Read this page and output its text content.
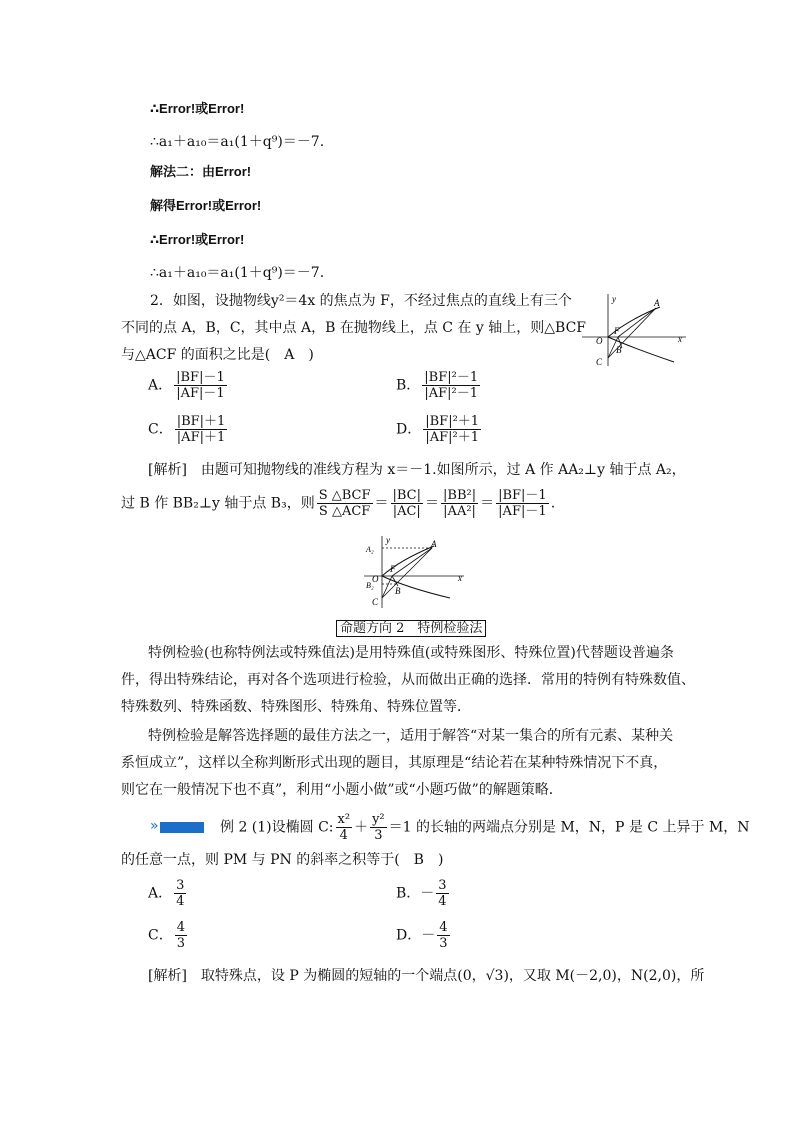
∴Error!或Error!
∴a₁＋a₁₀＝a₁(1＋q⁹)＝－7.
解法二：由Error!
解得Error!或Error!
∴Error!或Error!
∴a₁＋a₁₀＝a₁(1＋q⁹)＝－7.
2．如图，设抛物线y²＝4x 的焦点为 F，不经过焦点的直线上有三个
不同的点 A，B，C，其中点 A，B 在抛物线上，点 C 在 y 轴上，则△BCF
与△ACF 的面积之比是(　A　)
y
x
A
B
C
F
O
A． $\frac{|BF|-1}{|AF|-1}$	B． $\frac{\text{|BF|²－1}}{\text{|AF|²－1}}$
C． $\frac{|BF|+1}{|AF|+1}$	D． $\frac{\text{|BF|²＋1}}{\text{|AF|²＋1}}$
[解析]　由题可知抛物线的准线方程为 x＝－1.如图所示，过 A 作 AA₂⊥y 轴于点 A₂，
过 B 作 BB₂⊥y 轴于点 B₃，则 $\frac{\text{S △BCF}}{\text{S △ACF}} = \frac{|BC|}{|AC|} = \frac{\text{|BB²|}}{\text{|AA²|}} = \frac{|BF|-1}{|AF|-1}$ .
y
x
A
B
C
F
O
A₂
B₂
命题方向 2　特例检验法
特例检验(也称特例法或特殊值法)是用特殊值(或特殊图形、特殊位置)代替题设普遍条
件，得出特殊结论，再对各个选项进行检验，从而做出正确的选择．常用的特例有特殊数值、
特殊数列、特殊函数、特殊图形、特殊角、特殊位置等．
特例检验是解答选择题的最佳方法之一，适用于解答“对某一集合的所有元素、某种关
系恒成立”，这样以全称判断形式出现的题目，其原理是“结论若在某种特殊情况下不真，
则它在一般情况下也不真”，利用“小题小做”或“小题巧做”的解题策略．
»例 2 (1)设椭圆 C: $\frac{\text{x²}}{4} + \frac{\text{y²}}{3} =1$ 的长轴的两端点分别是 M，N，P 是 C 上异于 M，N
的任意一点，则 PM 与 PN 的斜率之积等于(　B　)
A． $\frac{3}{4}$	B．－ $\frac{3}{4}$
C． $\frac{4}{3}$	D．－ $\frac{4}{3}$
[解析]　取特殊点，设 P 为椭圆的短轴的一个端点(0，√3)，又取 M(－2,0)，N(2,0)，所
